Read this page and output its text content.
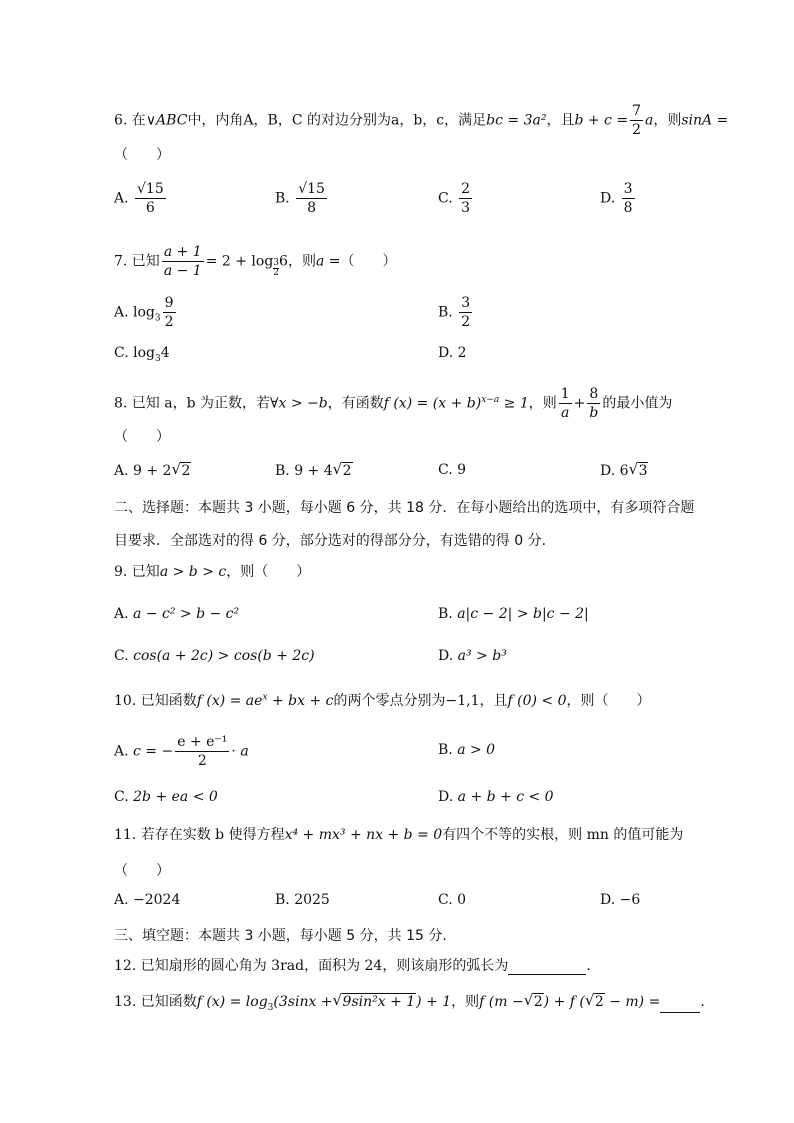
6. 在∨ABC中，内角A，B，C 的对边分别为a，b，c，满足bc = 3a²，且$b + c = \frac{7}{2}$ a，则sinA =
（　　）
A. $\frac{√15}{6}$	B. $\frac{√15}{8}$	C. $\frac{2}{3}$	D. $\frac{3}{8}$
7. 已知 $\frac{a + 1}{a - 1} = 2 + \log \frac{3}{2} 6$，则a =（　　）
A. $\log_3 \frac{9}{2}$	B. $\frac{3}{2}$
C. $\log_34$	D. 2
8. 已知 a，b 为正数，若∀x > −b，有函数f $(x) = (x + b)^{x-a} \ge 1$，则 $\frac{1}{a} + \frac{8}{b}$ 的最小值为
（　　）
A. 9 + 2 √ 2	B. 9 + 4 √ 2	C. 9	D. 6 √ 3
二、选择题：本题共 3 小题，每小题 6 分，共 18 分．在每小题给出的选项中，有多项符合题
目要求．全部选对的得 6 分，部分选对的得部分分，有选错的得 0 分．
9. 已知a > b > c，则（　　）
A. a − c² > b − c²	B. a|c − 2| > b|c − 2|
C. cos(a + 2c) > cos(b + 2c)	D. a³ > b³
10. 已知函数f $(x) = ae^x$ + bx + c的两个零点分别为−1,1，且f (0) < 0，则（　　）
A. c = − $\frac{\text{e + e⁻¹}}{2} \cdot a$	B. a > 0
C. 2b + ea < 0	D. a + b + c < 0
11. 若存在实数 b 使得方程x⁴ + mx³ + nx + b = 0有四个不等的实根，则 mn 的值可能为
（　　）
A. −2024	B. 2025	C. 0	D. −6
三、填空题：本题共 3 小题，每小题 5 分，共 15 分．
12. 已知扇形的圆心角为 3rad，面积为 24，则该扇形的弧长为	．
13. 已知函数f $(x) = \log_3(3\sin x$ + √ 9sin²x + 1) + 1，则f (m − √ 2) + f ( √ 2 − m) =	．
